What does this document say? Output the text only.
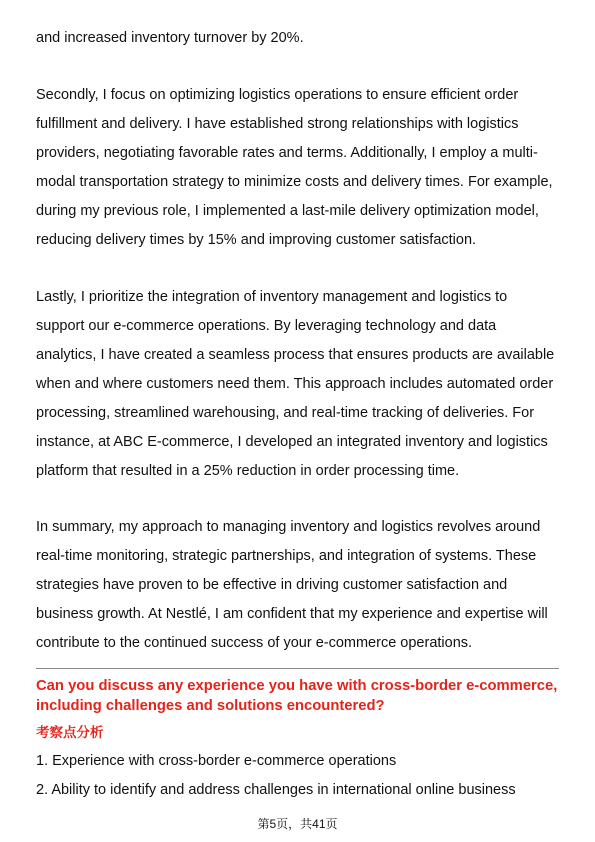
and increased inventory turnover by 20%.

Secondly, I focus on optimizing logistics operations to ensure efficient order fulfillment and delivery. I have established strong relationships with logistics providers, negotiating favorable rates and terms. Additionally, I employ a multi-modal transportation strategy to minimize costs and delivery times. For example, during my previous role, I implemented a last-mile delivery optimization model, reducing delivery times by 15% and improving customer satisfaction.

Lastly, I prioritize the integration of inventory management and logistics to support our e-commerce operations. By leveraging technology and data analytics, I have created a seamless process that ensures products are available when and where customers need them. This approach includes automated order processing, streamlined warehousing, and real-time tracking of deliveries. For instance, at ABC E-commerce, I developed an integrated inventory and logistics platform that resulted in a 25% reduction in order processing time.

In summary, my approach to managing inventory and logistics revolves around real-time monitoring, strategic partnerships, and integration of systems. These strategies have proven to be effective in driving customer satisfaction and business growth. At Nestlé, I am confident that my experience and expertise will contribute to the continued success of your e-commerce operations.

Can you discuss any experience you have with cross-border e-commerce, including challenges and solutions encountered?

考察点分析

1. Experience with cross-border e-commerce operations

2. Ability to identify and address challenges in international online business

第5页，共41页
